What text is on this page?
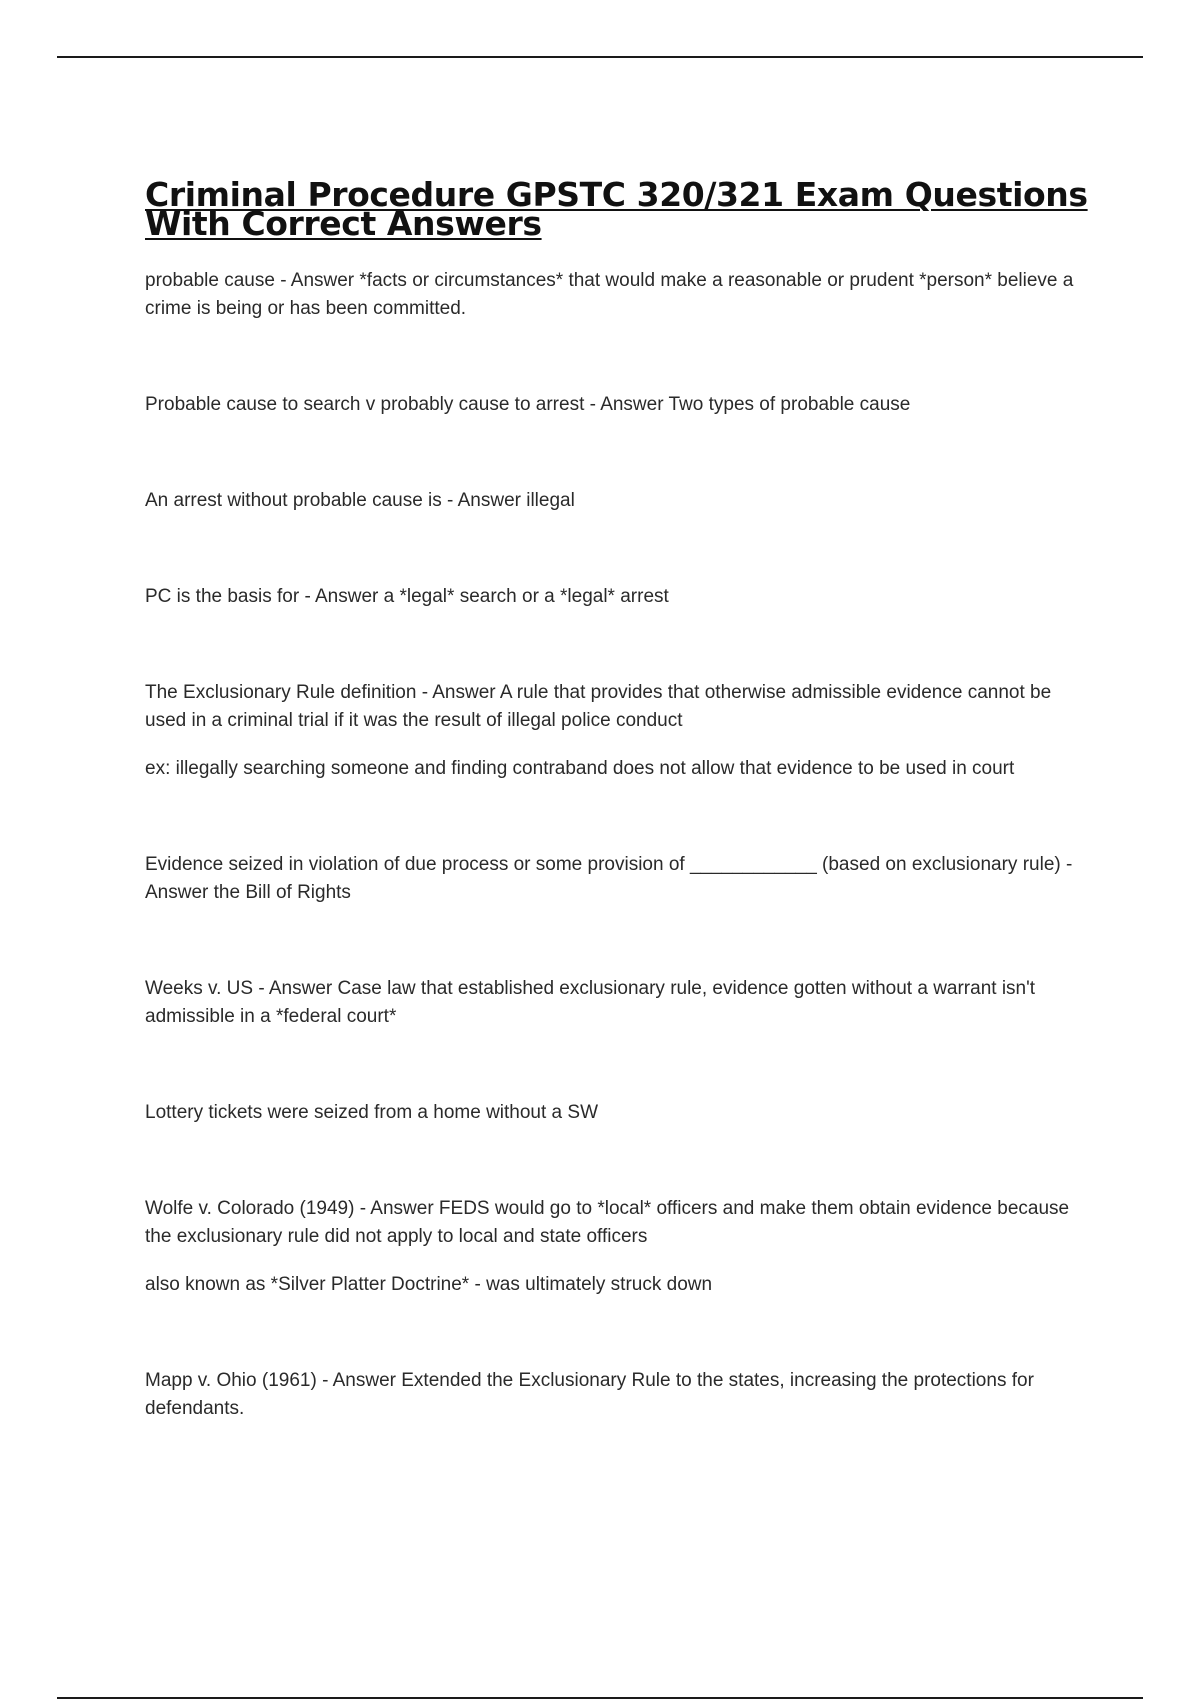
Criminal Procedure GPSTC 320/321 Exam Questions With Correct Answers

probable cause - Answer *facts or circumstances* that would make a reasonable or prudent *person* believe a crime is being or has been committed.

Probable cause to search v probably cause to arrest - Answer Two types of probable cause

An arrest without probable cause is - Answer illegal

PC is the basis for - Answer a *legal* search or a *legal* arrest

The Exclusionary Rule definition - Answer A rule that provides that otherwise admissible evidence cannot be used in a criminal trial if it was the result of illegal police conduct

ex: illegally searching someone and finding contraband does not allow that evidence to be used in court

Evidence seized in violation of due process or some provision of ____________ (based on exclusionary rule) - Answer the Bill of Rights

Weeks v. US - Answer Case law that established exclusionary rule, evidence gotten without a warrant isn't admissible in a *federal court*

Lottery tickets were seized from a home without a SW

Wolfe v. Colorado (1949) - Answer FEDS would go to *local* officers and make them obtain evidence because the exclusionary rule did not apply to local and state officers

also known as *Silver Platter Doctrine* - was ultimately struck down

Mapp v. Ohio (1961) - Answer Extended the Exclusionary Rule to the states, increasing the protections for defendants.
